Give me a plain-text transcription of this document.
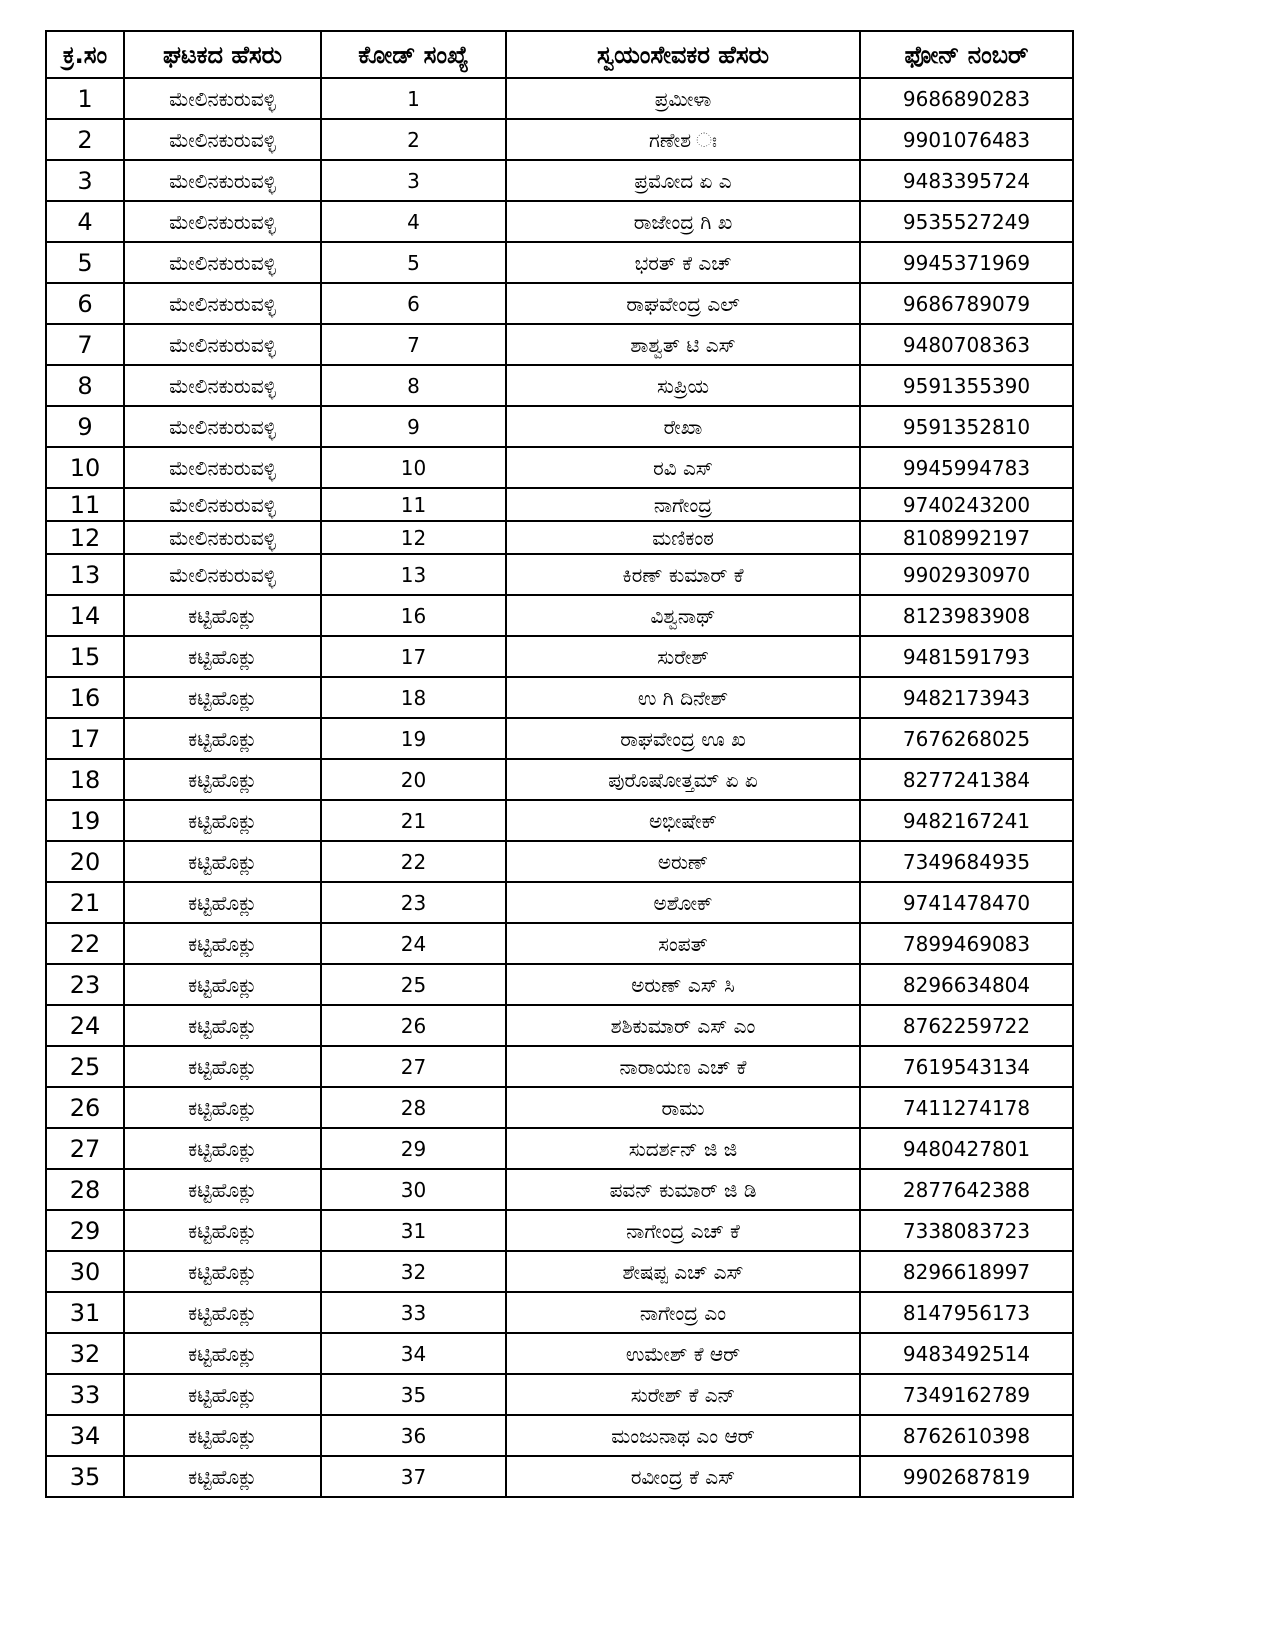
ಕ್ರ.ಸಂ	ಘಟಕದ ಹೆಸರು	ಕೋಡ್ ಸಂಖ್ಯೆ	ಸ್ವಯಂಸೇವಕರ ಹೆಸರು	ಫೋನ್ ನಂಬರ್
1	ಮೇಲಿನಕುರುವಳ್ಳಿ	1	ಪ್ರಮೀಳಾ	9686890283
2	ಮೇಲಿನಕುರುವಳ್ಳಿ	2	ಗಣೇಶ ಃ	9901076483
3	ಮೇಲಿನಕುರುವಳ್ಳಿ	3	ಪ್ರಮೋದ ಏ ಎ	9483395724
4	ಮೇಲಿನಕುರುವಳ್ಳಿ	4	ರಾಜೇಂದ್ರ ಗಿ ಖ	9535527249
5	ಮೇಲಿನಕುರುವಳ್ಳಿ	5	ಭರತ್ ಕೆ ಎಚ್	9945371969
6	ಮೇಲಿನಕುರುವಳ್ಳಿ	6	ರಾಘವೇಂದ್ರ ಎಲ್	9686789079
7	ಮೇಲಿನಕುರುವಳ್ಳಿ	7	ಶಾಶ್ವತ್ ಟಿ ಎಸ್	9480708363
8	ಮೇಲಿನಕುರುವಳ್ಳಿ	8	ಸುಪ್ರಿಯ	9591355390
9	ಮೇಲಿನಕುರುವಳ್ಳಿ	9	ರೇಖಾ	9591352810
10	ಮೇಲಿನಕುರುವಳ್ಳಿ	10	ರವಿ ಎಸ್	9945994783
11	ಮೇಲಿನಕುರುವಳ್ಳಿ	11	ನಾಗೇಂದ್ರ	9740243200
12	ಮೇಲಿನಕುರುವಳ್ಳಿ	12	ಮಣಿಕಂಠ	8108992197
13	ಮೇಲಿನಕುರುವಳ್ಳಿ	13	ಕಿರಣ್ ಕುಮಾರ್ ಕೆ	9902930970
14	ಕಟ್ಟಿಹೊಕ್ಲು	16	ವಿಶ್ವನಾಥ್	8123983908
15	ಕಟ್ಟಿಹೊಕ್ಲು	17	ಸುರೇಶ್	9481591793
16	ಕಟ್ಟಿಹೊಕ್ಲು	18	ಉ ಗಿ ದಿನೇಶ್	9482173943
17	ಕಟ್ಟಿಹೊಕ್ಲು	19	ರಾಘವೇಂದ್ರ ಊ ಖ	7676268025
18	ಕಟ್ಟಿಹೊಕ್ಲು	20	ಪುರೊಷೋತ್ತಮ್ ಏ ಏ	8277241384
19	ಕಟ್ಟಿಹೊಕ್ಲು	21	ಅಭೀಷೇಕ್	9482167241
20	ಕಟ್ಟಿಹೊಕ್ಲು	22	ಅರುಣ್	7349684935
21	ಕಟ್ಟಿಹೊಕ್ಲು	23	ಅಶೋಕ್	9741478470
22	ಕಟ್ಟಿಹೊಕ್ಲು	24	ಸಂಪತ್	7899469083
23	ಕಟ್ಟಿಹೊಕ್ಲು	25	ಅರುಣ್ ಎಸ್ ಸಿ	8296634804
24	ಕಟ್ಟಿಹೊಕ್ಲು	26	ಶಶಿಕುಮಾರ್ ಎಸ್ ಎಂ	8762259722
25	ಕಟ್ಟಿಹೊಕ್ಲು	27	ನಾರಾಯಣ ಎಚ್ ಕೆ	7619543134
26	ಕಟ್ಟಿಹೊಕ್ಲು	28	ರಾಮು	7411274178
27	ಕಟ್ಟಿಹೊಕ್ಲು	29	ಸುದರ್ಶನ್ ಜಿ ಜಿ	9480427801
28	ಕಟ್ಟಿಹೊಕ್ಲು	30	ಪವನ್ ಕುಮಾರ್ ಜಿ ಡಿ	2877642388
29	ಕಟ್ಟಿಹೊಕ್ಲು	31	ನಾಗೇಂದ್ರ ಎಚ್ ಕೆ	7338083723
30	ಕಟ್ಟಿಹೊಕ್ಲು	32	ಶೇಷಪ್ಪ ಎಚ್ ಎಸ್	8296618997
31	ಕಟ್ಟಿಹೊಕ್ಲು	33	ನಾಗೇಂದ್ರ ಎಂ	8147956173
32	ಕಟ್ಟಿಹೊಕ್ಲು	34	ಉಮೇಶ್ ಕೆ ಆರ್	9483492514
33	ಕಟ್ಟಿಹೊಕ್ಲು	35	ಸುರೇಶ್ ಕೆ ಎನ್	7349162789
34	ಕಟ್ಟಿಹೊಕ್ಲು	36	ಮಂಜುನಾಥ ಎಂ ಆರ್	8762610398
35	ಕಟ್ಟಿಹೊಕ್ಲು	37	ರವೀಂದ್ರ ಕೆ ಎಸ್	9902687819
